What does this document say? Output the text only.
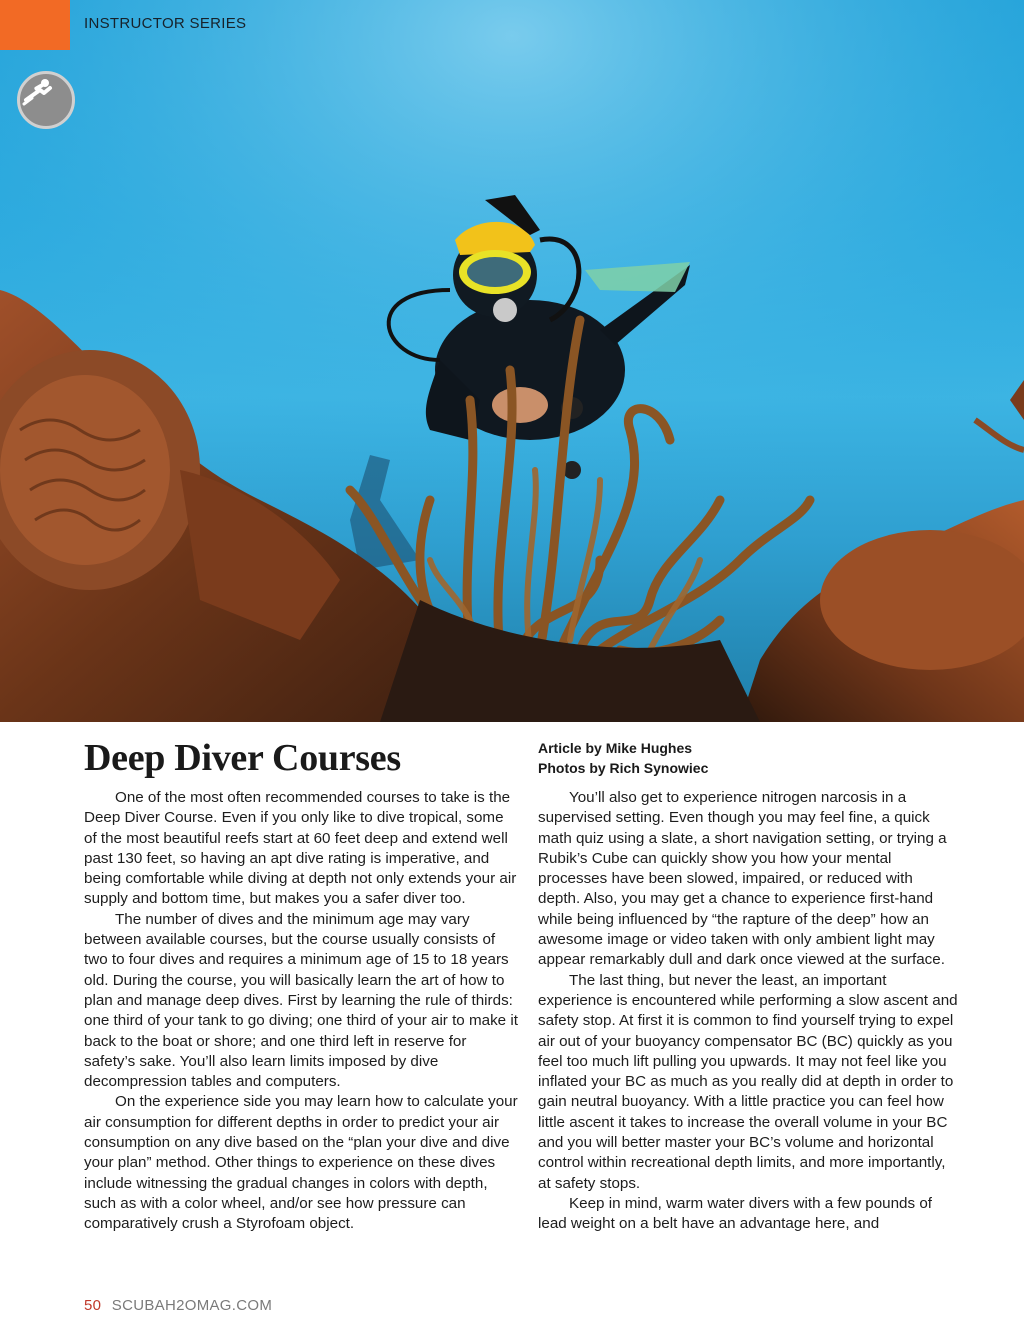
INSTRUCTOR SERIES
Deep Diver Courses	Article by Mike Hughes
Photos by Rich Synowiec

One of the most often recommended courses to take is the Deep Diver Course. Even if you only like to dive tropical, some of the most beautiful reefs start at 60 feet deep and extend well past 130 feet, so having an apt dive rating is imperative, and being comfortable while diving at depth not only extends your air supply and bottom time, but makes you a safer diver too.

The number of dives and the minimum age may vary between available courses, but the course usually consists of two to four dives and requires a minimum age of 15 to 18 years old. During the course, you will basically learn the art of how to plan and manage deep dives. First by learning the rule of thirds: one third of your tank to go diving; one third of your air to make it back to the boat or shore; and one third left in reserve for safety’s sake. You’ll also learn limits imposed by dive decompression tables and computers.

On the experience side you may learn how to calculate your air consumption for different depths in order to predict your air consumption on any dive based on the “plan your dive and dive your plan” method. Other things to experience on these dives include witnessing the gradual changes in colors with depth, such as with a color wheel, and/or see how pressure can comparatively crush a Styrofoam object.

You’ll also get to experience nitrogen narcosis in a supervised setting. Even though you may feel fine, a quick math quiz using a slate, a short navigation setting, or trying a Rubik’s Cube can quickly show you how your mental processes have been slowed, impaired, or reduced with depth. Also, you may get a chance to experience first-hand while being influenced by “the rapture of the deep” how an awesome image or video taken with only ambient light may appear remarkably dull and dark once viewed at the surface.

The last thing, but never the least, an important experience is encountered while performing a slow ascent and safety stop. At first it is common to find yourself trying to expel air out of your buoyancy compensator BC (BC) quickly as you feel too much lift pulling you upwards. It may not feel like you inflated your BC as much as you really did at depth in order to gain neutral buoyancy. With a little practice you can feel how little ascent it takes to increase the overall volume in your BC and you will better master your BC’s volume and horizontal control within recreational depth limits, and more importantly, at safety stops.

Keep in mind, warm water divers with a few pounds of lead weight on a belt have an advantage here, and

50 SCUBAH2OMAG.COM
